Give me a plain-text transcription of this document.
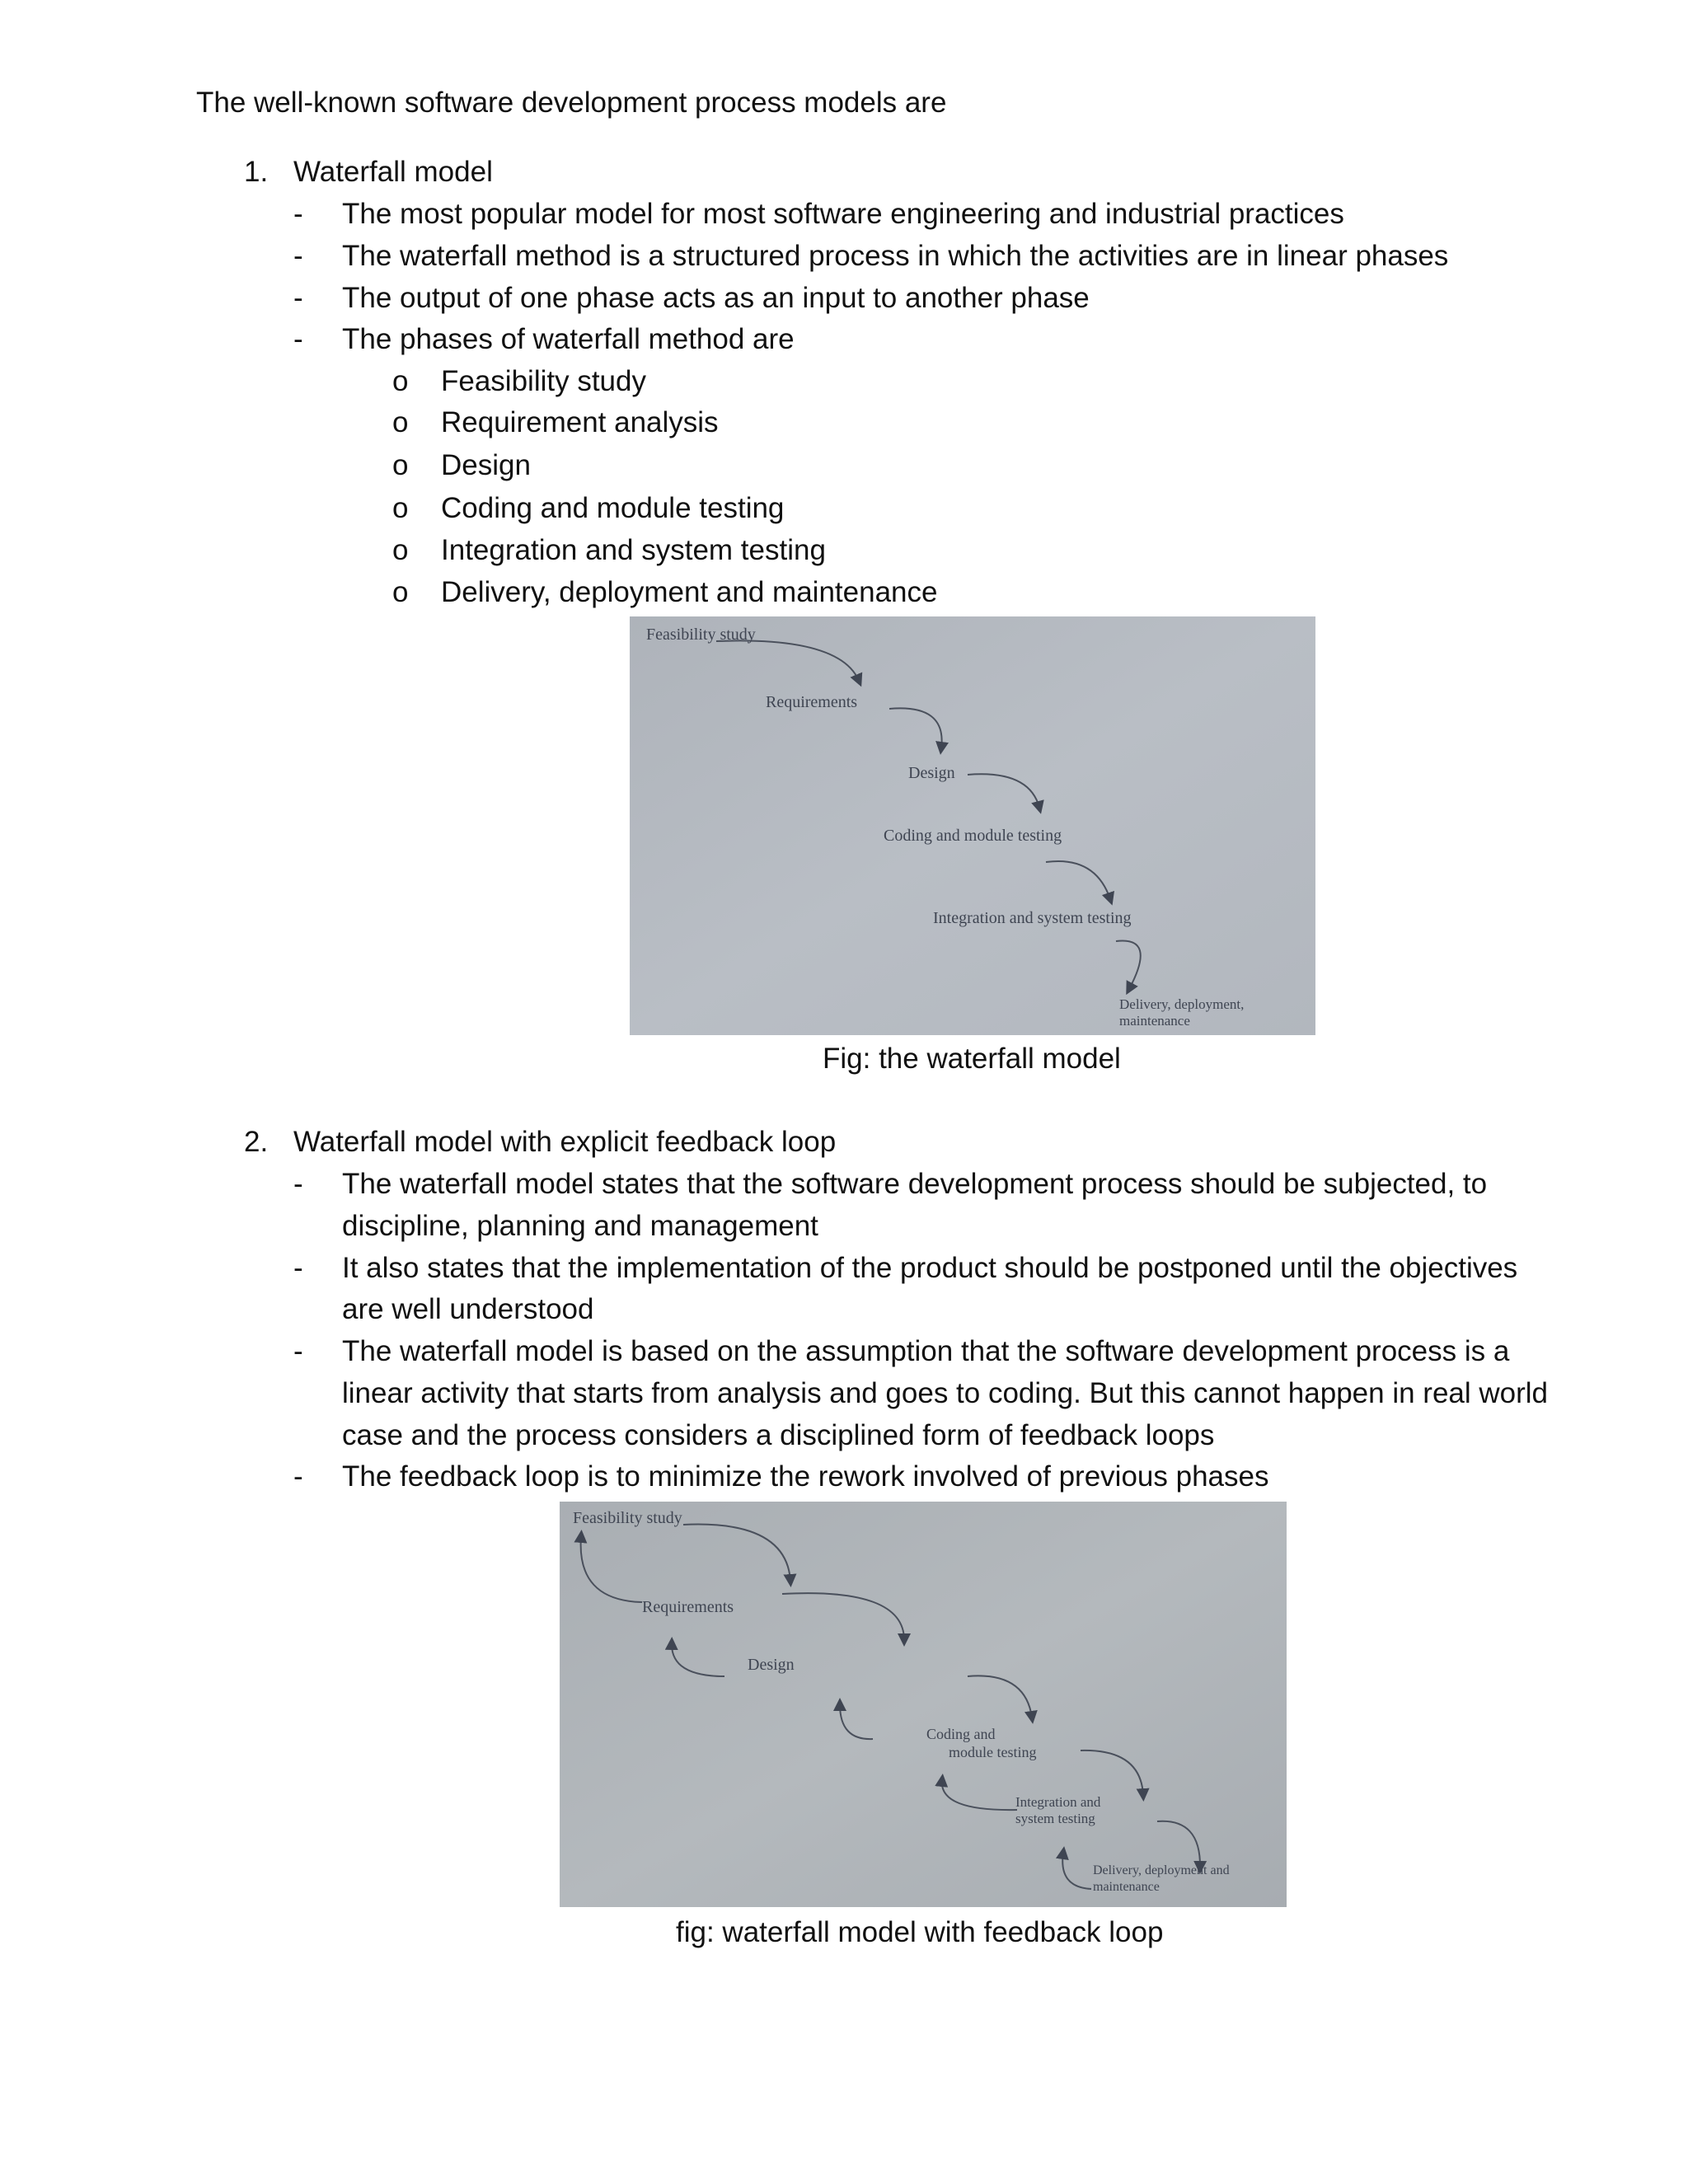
The well-known software development process models are
1. Waterfall model
- The most popular model for most software engineering and industrial practices
- The waterfall method is a structured process in which the activities are in linear phases
- The output of one phase acts as an input to another phase
- The phases of waterfall method are
o Feasibility study
o Requirement analysis
o Design
o Coding and module testing
o Integration and system testing
o Delivery, deployment and maintenance
Feasibility study
Requirements
Design
Coding and module testing
Integration and system testing
Delivery, deployment,
maintenance
Fig: the waterfall model
2. Waterfall model with explicit feedback loop
- The waterfall model states that the software development process should be subjected, to
discipline, planning and management
- It also states that the implementation of the product should be postponed until the objectives
are well understood
- The waterfall model is based on the assumption that the software development process is a
linear activity that starts from analysis and goes to coding. But this cannot happen in real world
case and the process considers a disciplined form of feedback loops
- The feedback loop is to minimize the rework involved of previous phases
Feasibility study
Requirements
Design
Coding and
module testing
Integration and
system testing
Delivery, deployment and
maintenance
fig: waterfall model with feedback loop
